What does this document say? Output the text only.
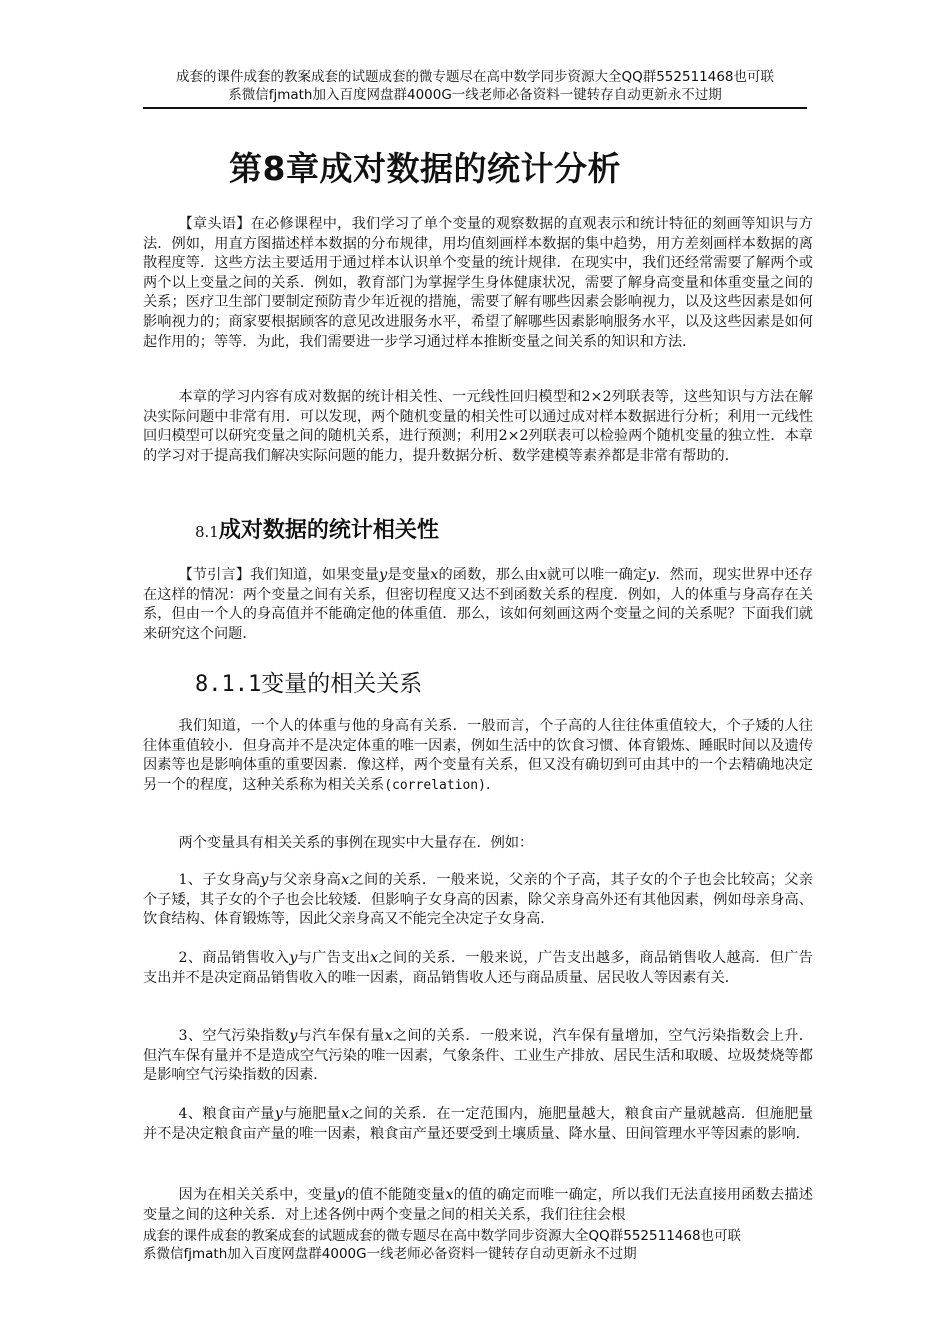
成套的课件成套的教案成套的试题成套的微专题尽在高中数学同步资源大全QQ群552511468也可联
系微信fjmath加入百度网盘群4000G一线老师必备资料一键转存自动更新永不过期
第8章成对数据的统计分析

【章头语】在必修课程中，我们学习了单个变量的观察数据的直观表示和统计特征的刻画等知识与方法．例如，用直方图描述样本数据的分布规律，用均值刻画样本数据的集中趋势，用方差刻画样本数据的离散程度等．这些方法主要适用于通过样本认识单个变量的统计规律．在现实中，我们还经常需要了解两个或两个以上变量之间的关系．例如，教育部门为掌握学生身体健康状况，需要了解身高变量和体重变量之间的关系；医疗卫生部门要制定预防青少年近视的措施，需要了解有哪些因素会影响视力，以及这些因素是如何影响视力的；商家要根据顾客的意见改进服务水平，希望了解哪些因素影响服务水平，以及这些因素是如何起作用的；等等．为此，我们需要进一步学习通过样本推断变量之间关系的知识和方法．

本章的学习内容有成对数据的统计相关性、一元线性回归模型和2×2列联表等，这些知识与方法在解决实际问题中非常有用．可以发现，两个随机变量的相关性可以通过成对样本数据进行分析；利用一元线性回归模型可以研究变量之间的随机关系，进行预测；利用2×2列联表可以检验两个随机变量的独立性．本章的学习对于提高我们解决实际问题的能力，提升数据分析、数学建模等素养都是非常有帮助的．

8.1成对数据的统计相关性

【节引言】我们知道，如果变量y是变量x的函数，那么由x就可以唯一确定y．然而，现实世界中还存在这样的情况：两个变量之间有关系，但密切程度又达不到函数关系的程度．例如，人的体重与身高存在关系，但由一个人的身高值并不能确定他的体重值．那么，该如何刻画这两个变量之间的关系呢？下面我们就来研究这个问题．

8.1.1变量的相关关系

我们知道，一个人的体重与他的身高有关系．一般而言，个子高的人往往体重值较大，个子矮的人往往体重值较小．但身高并不是决定体重的唯一因素，例如生活中的饮食习惯、体育锻炼、睡眠时间以及遗传因素等也是影响体重的重要因素．像这样，两个变量有关系，但又没有确切到可由其中的一个去精确地决定另一个的程度，这种关系称为相关关系(correlation)．

两个变量具有相关关系的事例在现实中大量存在．例如：

1、子女身高y与父亲身高x之间的关系．一般来说，父亲的个子高，其子女的个子也会比较高；父亲个子矮，其子女的个子也会比较矮．但影响子女身高的因素，除父亲身高外还有其他因素，例如母亲身高、饮食结构、体育锻炼等，因此父亲身高又不能完全决定子女身高．

2、商品销售收入y与广告支出x之间的关系．一般来说，广告支出越多，商品销售收人越高．但广告支出并不是决定商品销售收入的唯一因素，商品销售收人还与商品质量、居民收人等因素有关．

3、空气污染指数y与汽车保有量x之间的关系．一般来说，汽车保有量增加，空气污染指数会上升．但汽车保有量并不是造成空气污染的唯一因素，气象条件、工业生产排放、居民生活和取暖、垃圾焚烧等都是影响空气污染指数的因素．

4、粮食亩产量y与施肥量x之间的关系．在一定范围内，施肥量越大，粮食亩产量就越高．但施肥量并不是决定粮食亩产量的唯一因素，粮食亩产量还要受到土壤质量、降水量、田间管理水平等因素的影响．

因为在相关关系中，变量y的值不能随变量x的值的确定而唯一确定，所以我们无法直接用函数去描述变量之间的这种关系．对上述各例中两个变量之间的相关关系，我们往往会根

成套的课件成套的教案成套的试题成套的微专题尽在高中数学同步资源大全QQ群552511468也可联
系微信fjmath加入百度网盘群4000G一线老师必备资料一键转存自动更新永不过期
